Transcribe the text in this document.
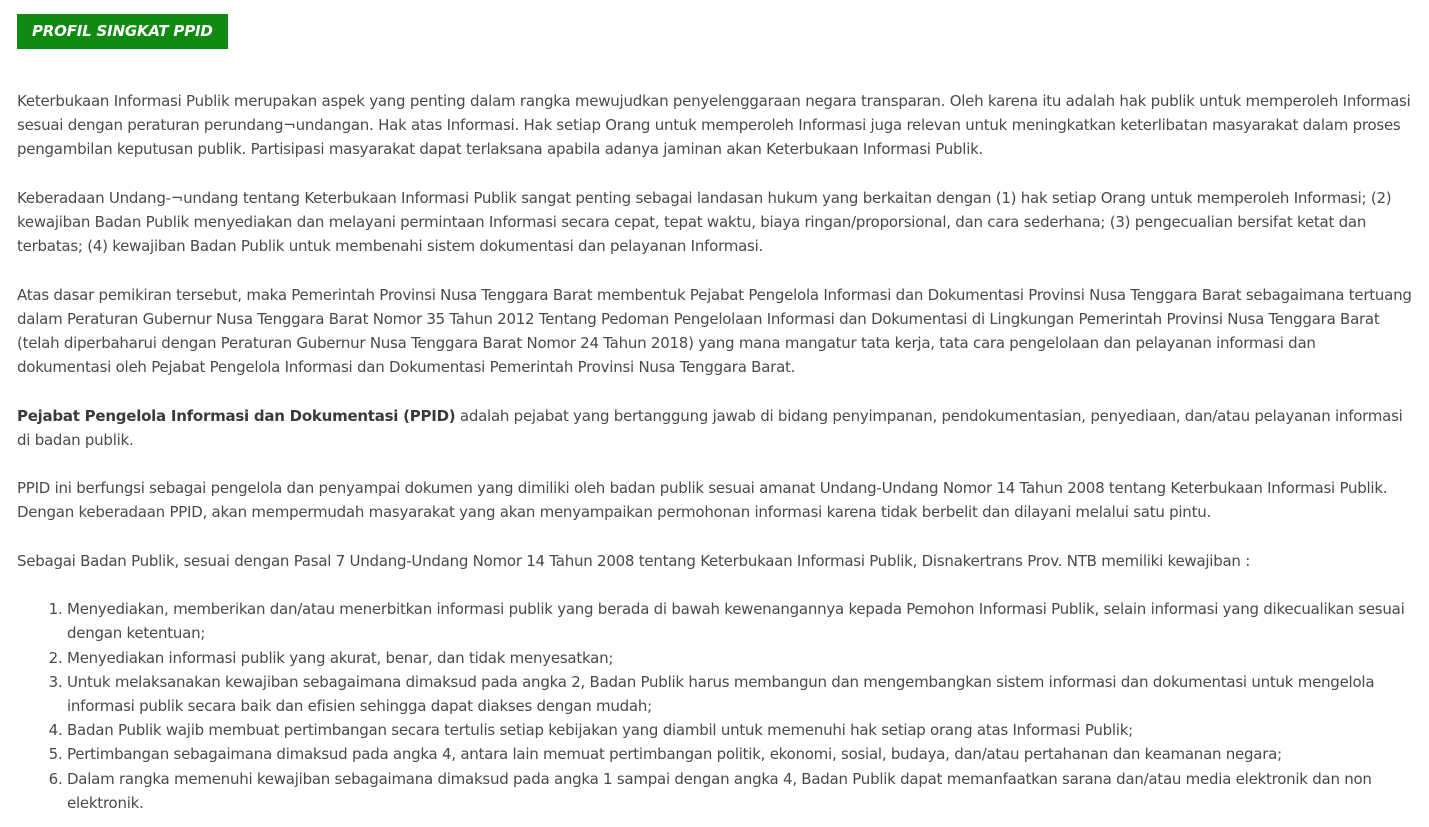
PROFIL SINGKAT PPID

Keterbukaan Informasi Publik merupakan aspek yang penting dalam rangka mewujudkan penyelenggaraan negara transparan. Oleh karena itu adalah hak publik untuk memperoleh Informasi sesuai dengan peraturan perundang¬undangan. Hak atas Informasi. Hak setiap Orang untuk memperoleh Informasi juga relevan untuk meningkatkan keterlibatan masyarakat dalam proses pengambilan keputusan publik. Partisipasi masyarakat dapat terlaksana apabila adanya jaminan akan Keterbukaan Informasi Publik.

Keberadaan Undang-¬undang tentang Keterbukaan Informasi Publik sangat penting sebagai landasan hukum yang berkaitan dengan (1) hak setiap Orang untuk memperoleh Informasi; (2) kewajiban Badan Publik menyediakan dan melayani permintaan Informasi secara cepat, tepat waktu, biaya ringan/proporsional, dan cara sederhana; (3) pengecualian bersifat ketat dan terbatas; (4) kewajiban Badan Publik untuk membenahi sistem dokumentasi dan pelayanan Informasi.

Atas dasar pemikiran tersebut, maka Pemerintah Provinsi Nusa Tenggara Barat membentuk Pejabat Pengelola Informasi dan Dokumentasi Provinsi Nusa Tenggara Barat sebagaimana tertuang dalam Peraturan Gubernur Nusa Tenggara Barat Nomor 35 Tahun 2012 Tentang Pedoman Pengelolaan Informasi dan Dokumentasi di Lingkungan Pemerintah Provinsi Nusa Tenggara Barat (telah diperbaharui dengan Peraturan Gubernur Nusa Tenggara Barat Nomor 24 Tahun 2018) yang mana mangatur tata kerja, tata cara pengelolaan dan pelayanan informasi dan dokumentasi oleh Pejabat Pengelola Informasi dan Dokumentasi Pemerintah Provinsi Nusa Tenggara Barat.

Pejabat Pengelola Informasi dan Dokumentasi (PPID) adalah pejabat yang bertanggung jawab di bidang penyimpanan, pendokumentasian, penyediaan, dan/atau pelayanan informasi di badan publik.

PPID ini berfungsi sebagai pengelola dan penyampai dokumen yang dimiliki oleh badan publik sesuai amanat Undang-Undang Nomor 14 Tahun 2008 tentang Keterbukaan Informasi Publik. Dengan keberadaan PPID, akan mempermudah masyarakat yang akan menyampaikan permohonan informasi karena tidak berbelit dan dilayani melalui satu pintu.

Sebagai Badan Publik, sesuai dengan Pasal 7 Undang-Undang Nomor 14 Tahun 2008 tentang Keterbukaan Informasi Publik, Disnakertrans Prov. NTB memiliki kewajiban :

1. Menyediakan, memberikan dan/atau menerbitkan informasi publik yang berada di bawah kewenangannya kepada Pemohon Informasi Publik, selain informasi yang dikecualikan sesuai dengan ketentuan;
2. Menyediakan informasi publik yang akurat, benar, dan tidak menyesatkan;
3. Untuk melaksanakan kewajiban sebagaimana dimaksud pada angka 2, Badan Publik harus membangun dan mengembangkan sistem informasi dan dokumentasi untuk mengelola informasi publik secara baik dan efisien sehingga dapat diakses dengan mudah;
4. Badan Publik wajib membuat pertimbangan secara tertulis setiap kebijakan yang diambil untuk memenuhi hak setiap orang atas Informasi Publik;
5. Pertimbangan sebagaimana dimaksud pada angka 4, antara lain memuat pertimbangan politik, ekonomi, sosial, budaya, dan/atau pertahanan dan keamanan negara;
6. Dalam rangka memenuhi kewajiban sebagaimana dimaksud pada angka 1 sampai dengan angka 4, Badan Publik dapat memanfaatkan sarana dan/atau media elektronik dan non elektronik.
